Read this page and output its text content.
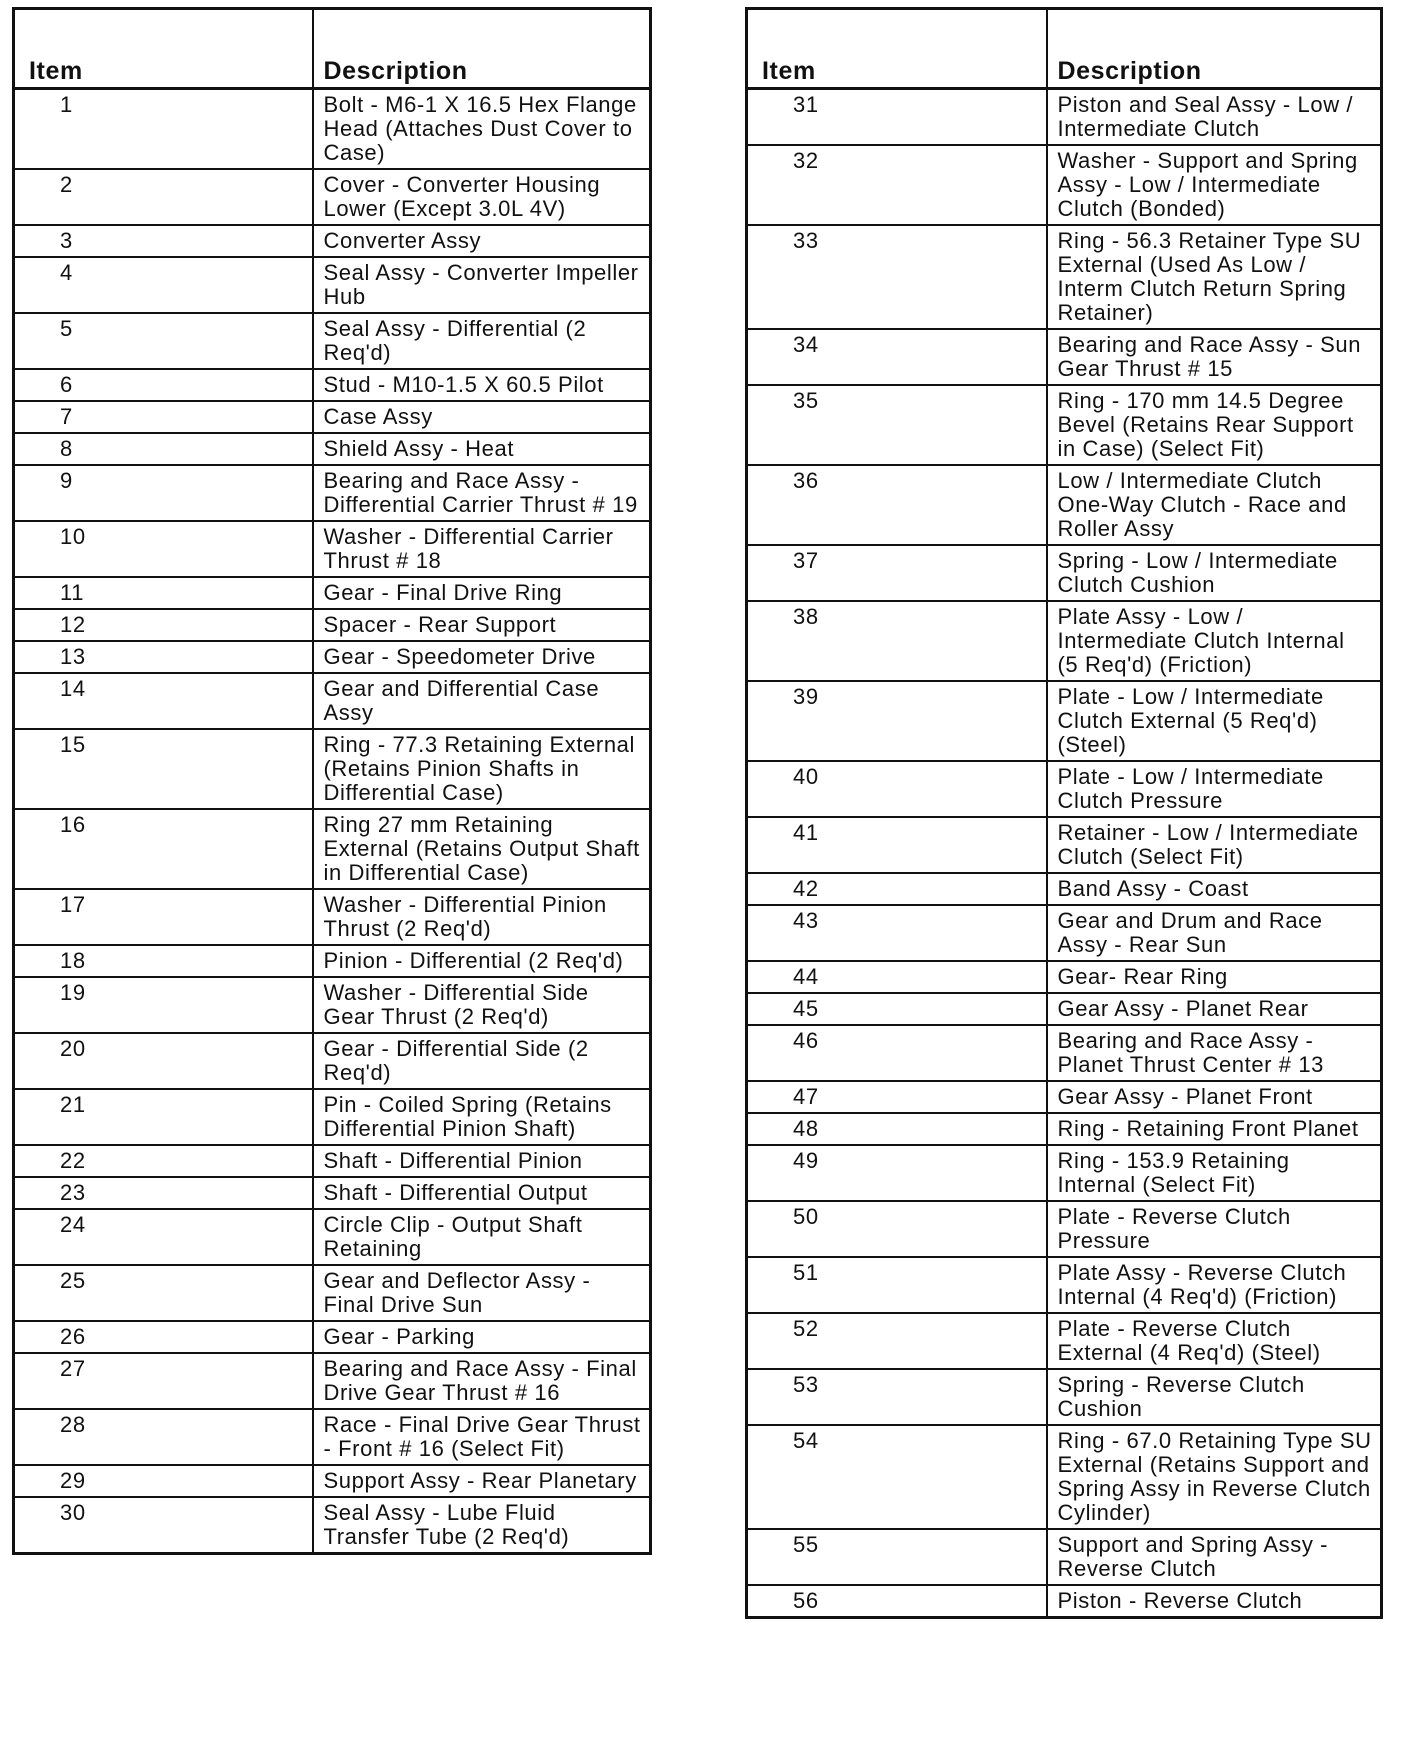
Item	Description
1	Bolt - M6-1 X 16.5 Hex Flange Head (Attaches Dust Cover to Case)
2	Cover - Converter Housing Lower (Except 3.0L 4V)
3	Converter Assy
4	Seal Assy - Converter Impeller Hub
5	Seal Assy - Differential (2 Req'd)
6	Stud - M10-1.5 X 60.5 Pilot
7	Case Assy
8	Shield Assy - Heat
9	Bearing and Race Assy - Differential Carrier Thrust # 19
10	Washer - Differential Carrier Thrust # 18
11	Gear - Final Drive Ring
12	Spacer - Rear Support
13	Gear - Speedometer Drive
14	Gear and Differential Case Assy
15	Ring - 77.3 Retaining External (Retains Pinion Shafts in Differential Case)
16	Ring 27 mm Retaining External (Retains Output Shaft in Differential Case)
17	Washer - Differential Pinion Thrust (2 Req'd)
18	Pinion - Differential (2 Req'd)
19	Washer - Differential Side Gear Thrust (2 Req'd)
20	Gear - Differential Side (2 Req'd)
21	Pin - Coiled Spring (Retains Differential Pinion Shaft)
22	Shaft - Differential Pinion
23	Shaft - Differential Output
24	Circle Clip - Output Shaft Retaining
25	Gear and Deflector Assy - Final Drive Sun
26	Gear - Parking
27	Bearing and Race Assy - Final Drive Gear Thrust # 16
28	Race - Final Drive Gear Thrust - Front # 16 (Select Fit)
29	Support Assy - Rear Planetary
30	Seal Assy - Lube Fluid Transfer Tube (2 Req'd)
Item	Description
31	Piston and Seal Assy - Low / Intermediate Clutch
32	Washer - Support and Spring Assy - Low / Intermediate Clutch (Bonded)
33	Ring - 56.3 Retainer Type SU External (Used As Low / Interm Clutch Return Spring Retainer)
34	Bearing and Race Assy - Sun Gear Thrust # 15
35	Ring - 170 mm 14.5 Degree Bevel (Retains Rear Support in Case) (Select Fit)
36	Low / Intermediate Clutch One-Way Clutch - Race and Roller Assy
37	Spring - Low / Intermediate Clutch Cushion
38	Plate Assy - Low / Intermediate Clutch Internal (5 Req'd) (Friction)
39	Plate - Low / Intermediate Clutch External (5 Req'd) (Steel)
40	Plate - Low / Intermediate Clutch Pressure
41	Retainer - Low / Intermediate Clutch (Select Fit)
42	Band Assy - Coast
43	Gear and Drum and Race Assy - Rear Sun
44	Gear- Rear Ring
45	Gear Assy - Planet Rear
46	Bearing and Race Assy - Planet Thrust Center # 13
47	Gear Assy - Planet Front
48	Ring - Retaining Front Planet
49	Ring - 153.9 Retaining Internal (Select Fit)
50	Plate - Reverse Clutch Pressure
51	Plate Assy - Reverse Clutch Internal (4 Req'd) (Friction)
52	Plate - Reverse Clutch External (4 Req'd) (Steel)
53	Spring - Reverse Clutch Cushion
54	Ring - 67.0 Retaining Type SU External (Retains Support and Spring Assy in Reverse Clutch Cylinder)
55	Support and Spring Assy - Reverse Clutch
56	Piston - Reverse Clutch
